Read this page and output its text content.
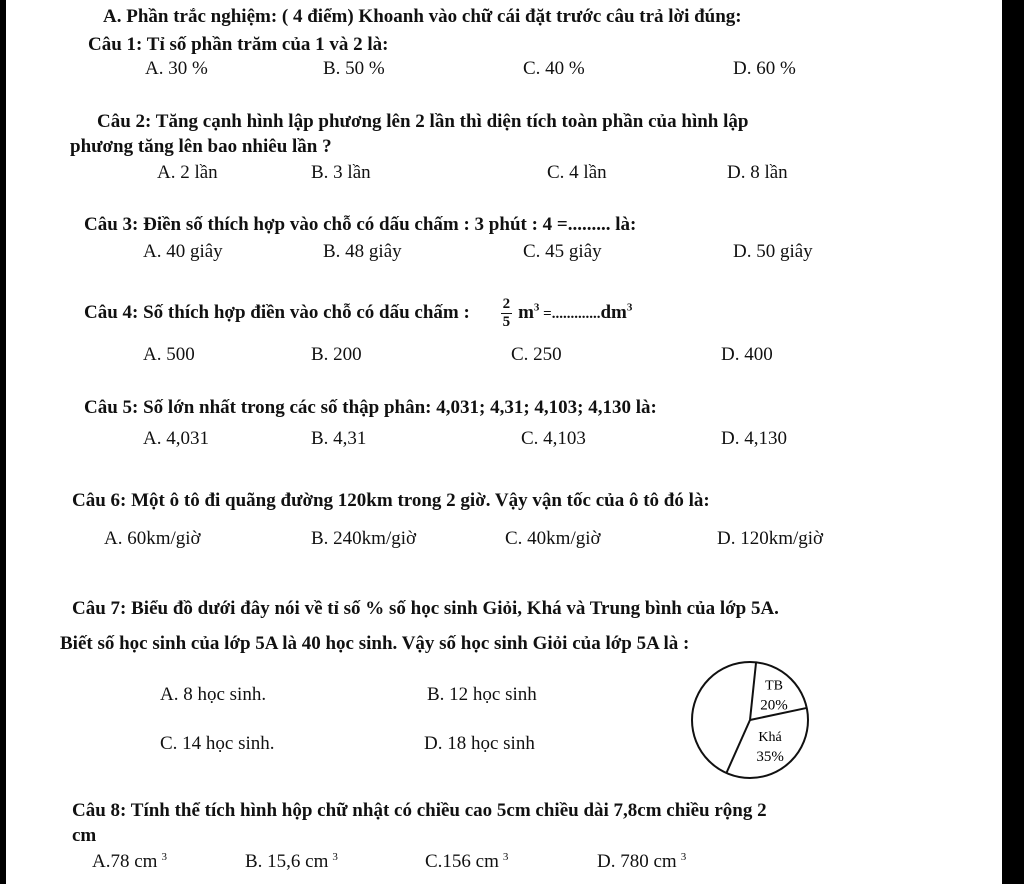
A. Phần trắc nghiệm: ( 4 điểm) Khoanh vào chữ cái đặt trước câu trả lời đúng:
Câu 1: Tỉ số phần trăm của 1 và 2 là:
A. 30 %	B. 50 %	C. 40 %	D. 60 %
Câu 2: Tăng cạnh hình lập phương lên 2 lần thì diện tích toàn phần của hình lập
phương tăng lên bao nhiêu lần ?
A. 2 lần	B. 3 lần	C. 4 lần	D. 8 lần
Câu 3: Điền số thích hợp vào chỗ có dấu chấm : 3 phút : 4 =......... là:
A. 40 giây	B. 48 giây	C. 45 giây	D. 50 giây
Câu 4: Số thích hợp điền vào chỗ có dấu chấm : $\frac{2}{5} m^3 =.............dm^3$
A. 500	B. 200	C. 250	D. 400
Câu 5: Số lớn nhất trong các số thập phân: 4,031; 4,31; 4,103; 4,130 là:
A. 4,031	B. 4,31	C. 4,103	D. 4,130
Câu 6: Một ô tô đi quãng đường 120km trong 2 giờ. Vậy vận tốc của ô tô đó là:
A. 60km/giờ	B. 240km/giờ	C. 40km/giờ	D. 120km/giờ
Câu 7: Biểu đồ dưới đây nói về tỉ số % số học sinh Giỏi, Khá và Trung bình của lớp 5A.
Biết số học sinh của lớp 5A là 40 học sinh. Vậy số học sinh Giỏi của lớp 5A là :
A. 8 học sinh.	B. 12 học sinh
C. 14 học sinh.	D. 18 học sinh
TB
20%
Khá
35%
Câu 8: Tính thể tích hình hộp chữ nhật có chiều cao 5cm chiều dài 7,8cm chiều rộng 2
cm
A.78 cm $^3$	B. 15,6 cm $^3$	C.156 cm $^3$	D. 780 cm $^3$
